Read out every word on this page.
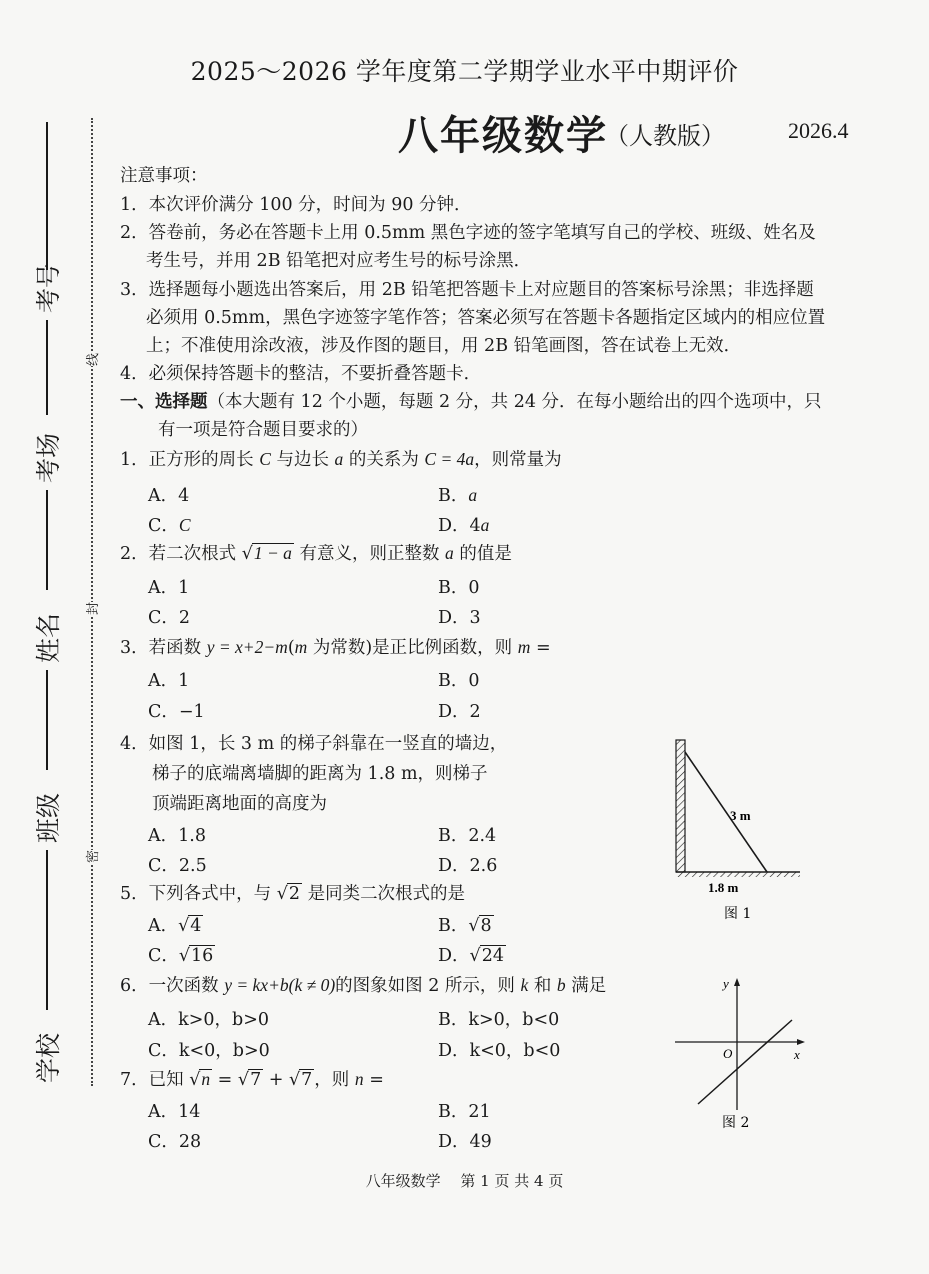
2025～2026 学年度第二学期学业水平中期评价
八年级数学
（人教版）	2026.4
考号
考场
姓名
班级
学校
线
封
密
注意事项：
1．本次评价满分 100 分，时间为 90 分钟．
2．答卷前，务必在答题卡上用 0.5mm 黑色字迹的签字笔填写自己的学校、班级、姓名及
考生号，并用 2B 铅笔把对应考生号的标号涂黑．
3．选择题每小题选出答案后，用 2B 铅笔把答题卡上对应题目的答案标号涂黑；非选择题
必须用 0.5mm，黑色字迹签字笔作答；答案必须写在答题卡各题指定区域内的相应位置
上；不准使用涂改液，涉及作图的题目，用 2B 铅笔画图，答在试卷上无效．
4．必须保持答题卡的整洁，不要折叠答题卡．
一、选择题（本大题有 12 个小题，每题 2 分，共 24 分．在每小题给出的四个选项中，只
有一项是符合题目要求的）
1．正方形的周长 C 与边长 a 的关系为 C = 4a，则常量为
A．4	B．a
C．C	D．4a
2．若二次根式 √1 − a 有意义，则正整数 a 的值是
A．1	B．0
C．2	D．3
3．若函数 y = x+2−m(m 为常数)是正比例函数，则 m =
A．1	B．0
C．−1	D．2
4．如图 1，长 3 m 的梯子斜靠在一竖直的墙边，
梯子的底端离墙脚的距离为 1.8 m，则梯子
顶端距离地面的高度为
A．1.8	B．2.4
C．2.5	D．2.6
5．下列各式中，与 √2 是同类二次根式的是
A．√4	B．√8
C．√16	D．√24
6．一次函数 y = kx+b(k ≠ 0)的图象如图 2 所示，则 k 和 b 满足
A．k>0，b>0	B．k>0，b<0
C．k<0，b>0	D．k<0，b<0
7．已知 √n = √7 + √7 ，则 n =
A．14	B．21
C．28	D．49
3 m
1.8 m
图 1
y
x
O
图 2
八年级数学　 第 1 页 共 4 页
